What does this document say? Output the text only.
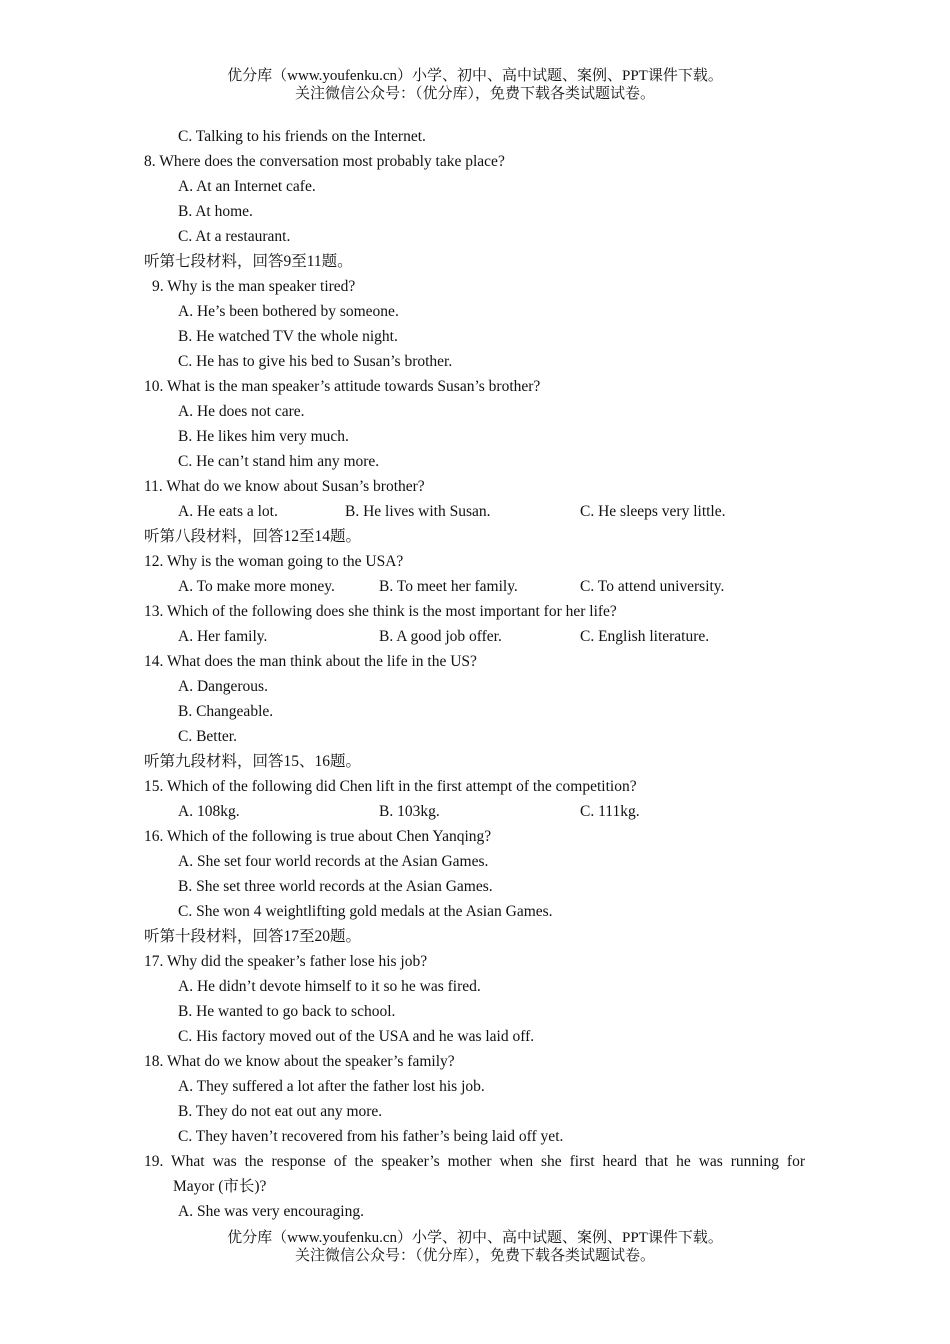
优分库（www.youfenku.cn）小学、初中、高中试题、案例、PPT课件下载。
关注微信公众号：（优分库），免费下载各类试题试卷。
C. Talking to his friends on the Internet.
8. Where does the conversation most probably take place?
A. At an Internet cafe.
B. At home.
C. At a restaurant.
听第七段材料，回答9至11题。
9. Why is the man speaker tired?
A. He’s been bothered by someone.
B. He watched TV the whole night.
C. He has to give his bed to Susan’s brother.
10. What is the man speaker’s attitude towards Susan’s brother?
A. He does not care.
B. He likes him very much.
C. He can’t stand him any more.
11. What do we know about Susan’s brother?
A. He eats a lot.	B. He lives with Susan.	C. He sleeps very little.
听第八段材料，回答12至14题。
12. Why is the woman going to the USA?
A. To make more money.	B. To meet her family.	C. To attend university.
13. Which of the following does she think is the most important for her life?
A. Her family.	B. A good job offer.	C. English literature.
14. What does the man think about the life in the US?
A. Dangerous.
B. Changeable.
C. Better.
听第九段材料，回答15、16题。
15. Which of the following did Chen lift in the first attempt of the competition?
A. 108kg.	B. 103kg.	C. 111kg.
16. Which of the following is true about Chen Yanqing?
A. She set four world records at the Asian Games.
B. She set three world records at the Asian Games.
C. She won 4 weightlifting gold medals at the Asian Games.
听第十段材料，回答17至20题。
17. Why did the speaker’s father lose his job?
A. He didn’t devote himself to it so he was fired.
B. He wanted to go back to school.
C. His factory moved out of the USA and he was laid off.
18. What do we know about the speaker’s family?
A. They suffered a lot after the father lost his job.
B. They do not eat out any more.
C. They haven’t recovered from his father’s being laid off yet.
19. What was the response of the speaker’s mother when she first heard that he was running for
Mayor (市长)?
A. She was very encouraging.
优分库（www.youfenku.cn）小学、初中、高中试题、案例、PPT课件下载。
关注微信公众号：（优分库），免费下载各类试题试卷。
